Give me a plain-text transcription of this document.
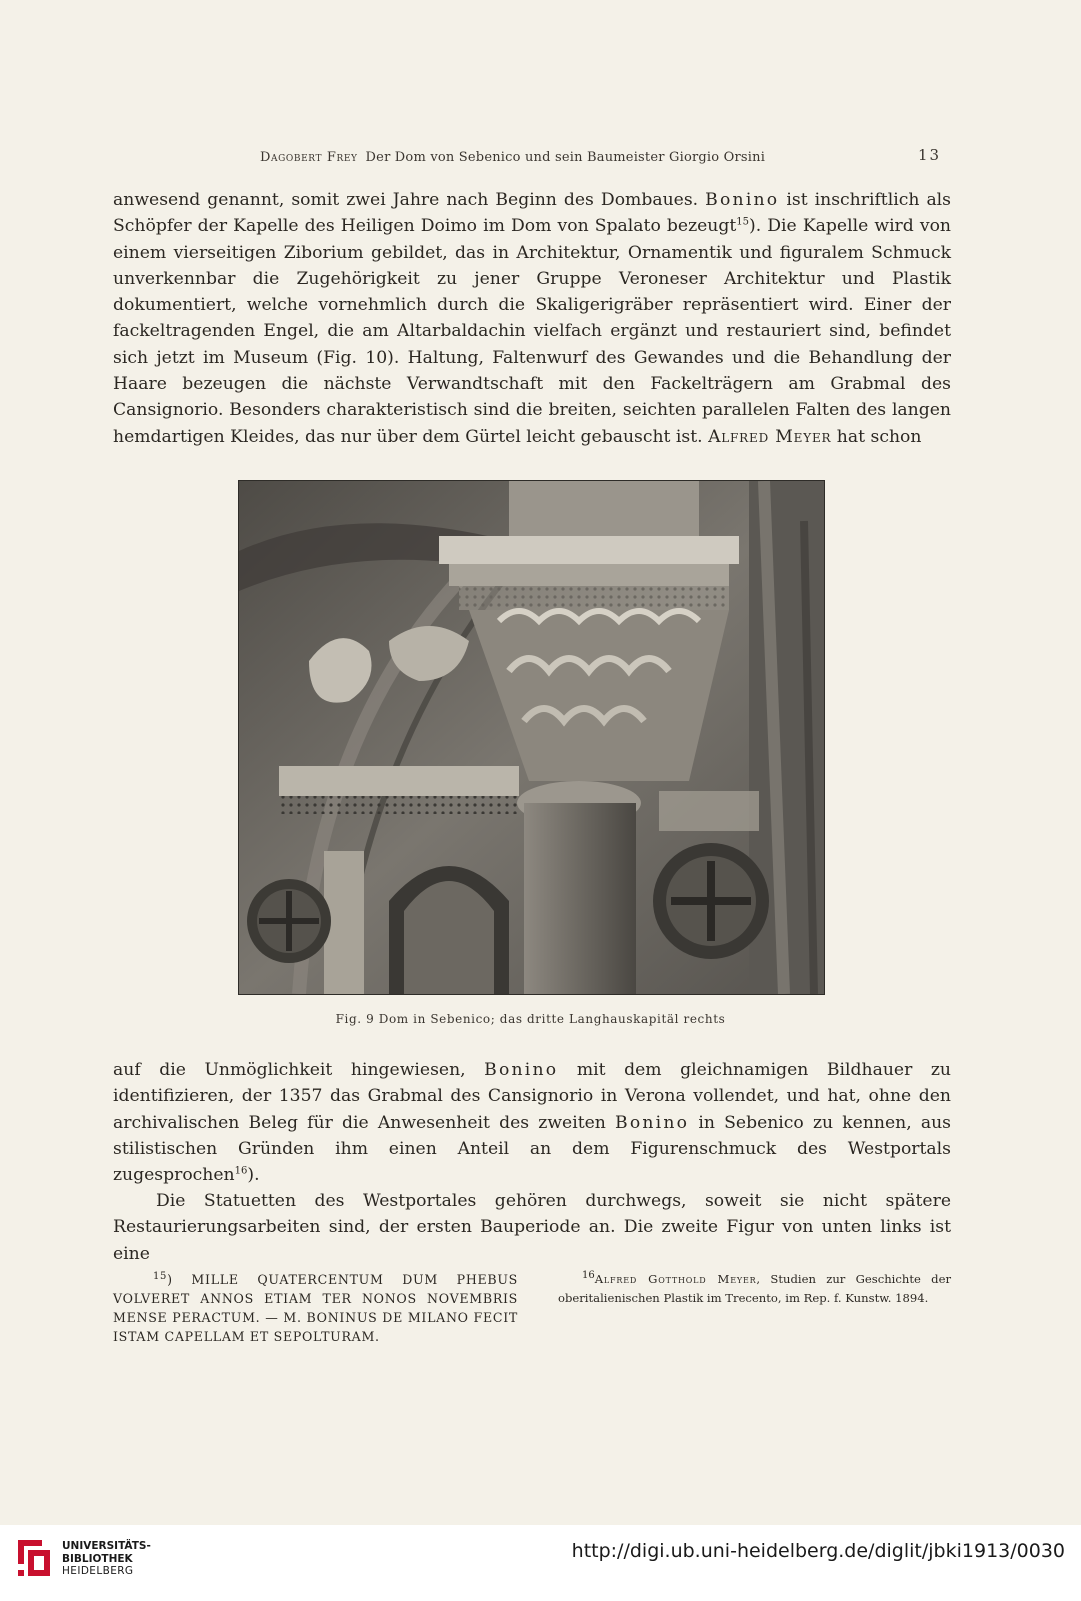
Dagobert Frey Der Dom von Sebenico und sein Baumeister Giorgio Orsini	13

anwesend genannt, somit zwei Jahre nach Beginn des Dombaues. Bonino ist inschriftlich als Schöpfer der Kapelle des Heiligen Doimo im Dom von Spalato bezeugt$^{15}$). Die Kapelle wird von einem vierseitigen Ziborium gebildet, das in Architektur, Ornamentik und figuralem Schmuck unverkennbar die Zugehörigkeit zu jener Gruppe Veroneser Architektur und Plastik dokumentiert, welche vornehmlich durch die Skaligerigräber repräsentiert wird. Einer der fackeltragenden Engel, die am Altarbaldachin vielfach ergänzt und restauriert sind, befindet sich jetzt im Museum (Fig. 10). Haltung, Faltenwurf des Gewandes und die Behandlung der Haare bezeugen die nächste Verwandtschaft mit den Fackelträgern am Grabmal des Cansignorio. Besonders charakteristisch sind die breiten, seichten parallelen Falten des langen hemdartigen Kleides, das nur über dem Gürtel leicht gebauscht ist. Alfred Meyer hat schon

Fig. 9 Dom in Sebenico; das dritte Langhauskapitäl rechts

auf die Unmöglichkeit hingewiesen, Bonino mit dem gleichnamigen Bildhauer zu identifizieren, der 1357 das Grabmal des Cansignorio in Verona vollendet, und hat, ohne den archivalischen Beleg für die Anwesenheit des zweiten Bonino in Sebenico zu kennen, aus stilistischen Gründen ihm einen Anteil an dem Figurenschmuck des Westportals zugesprochen$^{16}$).

Die Statuetten des Westportales gehören durchwegs, soweit sie nicht spätere Restaurierungsarbeiten sind, der ersten Bauperiode an. Die zweite Figur von unten links ist eine

$^{15}$) MILLE QUATERCENTUM DUM PHEBUS VOLVERET ANNOS ETIAM TER NONOS NOVEMBRIS MENSE PERACTUM. — M. BONINUS DE MILANO FECIT ISTAM CAPELLAM ET SEPOLTURAM.
$^{16}$Alfred Gotthold Meyer, Studien zur Geschichte der oberitalienischen Plastik im Trecento, im Rep. f. Kunstw. 1894.
UNIVERSITÄTS-
BIBLIOTHEK
HEIDELBERG
http://digi.ub.uni-heidelberg.de/diglit/jbki1913/0030
